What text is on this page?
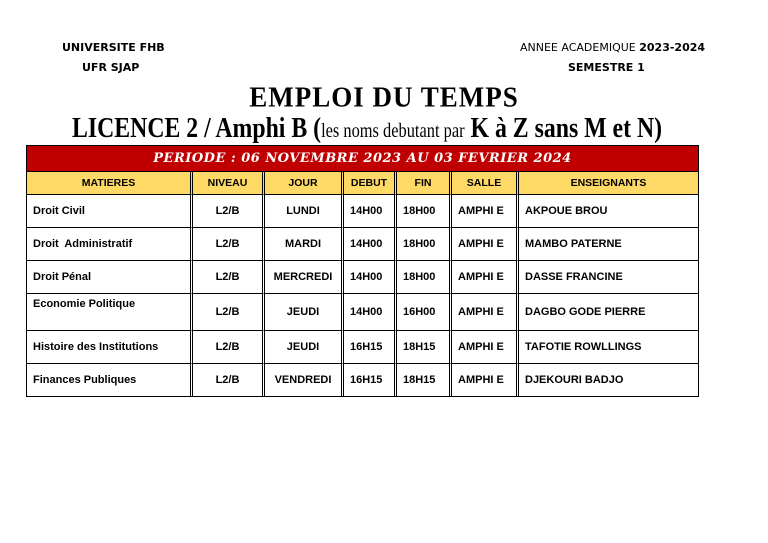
UNIVERSITE FHB
UFR SJAP
ANNEE ACADEMIQUE 2023-2024
SEMESTRE 1
EMPLOI DU TEMPS
LICENCE 2 / Amphi B (les noms debutant par K à Z sans M et N)
PERIODE : 06 NOVEMBRE 2023 AU 03 FEVRIER 2024						
MATIERES	NIVEAU	JOUR	DEBUT	FIN	SALLE	ENSEIGNANTS
Droit Civil	L2/B	LUNDI	14H00	18H00	AMPHI E	AKPOUE BROU
Droit  Administratif	L2/B	MARDI	14H00	18H00	AMPHI E	MAMBO PATERNE
Droit Pénal	L2/B	MERCREDI	14H00	18H00	AMPHI E	DASSE FRANCINE
Economie Politique	L2/B	JEUDI	14H00	16H00	AMPHI E	DAGBO GODE PIERRE
Histoire des Institutions	L2/B	JEUDI	16H15	18H15	AMPHI E	TAFOTIE ROWLLINGS
Finances Publiques	L2/B	VENDREDI	16H15	18H15	AMPHI E	DJEKOURI BADJO
